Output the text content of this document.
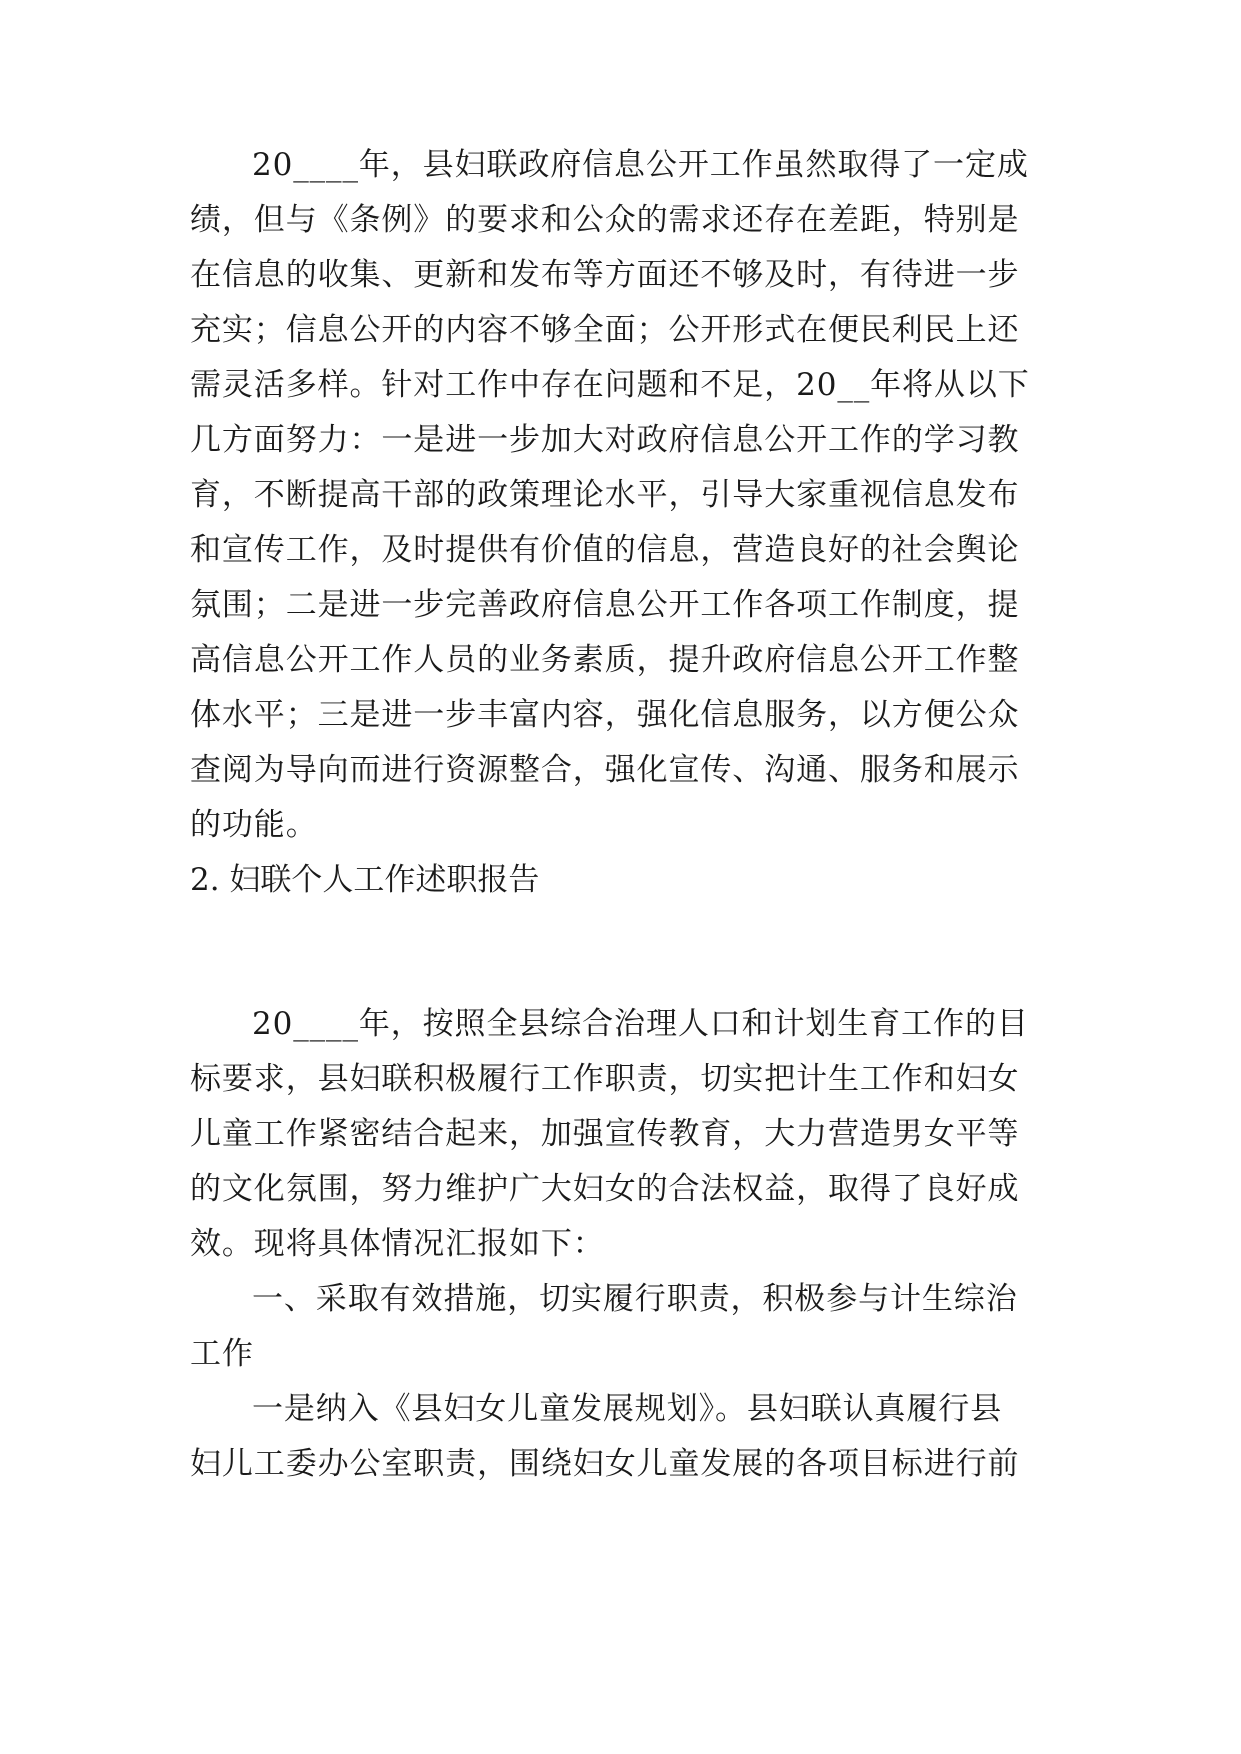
20____年，县妇联政府信息公开工作虽然取得了一定成
绩，但与《条例》的要求和公众的需求还存在差距，特别是
在信息的收集、更新和发布等方面还不够及时，有待进一步
充实；信息公开的内容不够全面；公开形式在便民利民上还
需灵活多样。针对工作中存在问题和不足，20__年将从以下
几方面努力：一是进一步加大对政府信息公开工作的学习教
育，不断提高干部的政策理论水平，引导大家重视信息发布
和宣传工作，及时提供有价值的信息，营造良好的社会舆论
氛围；二是进一步完善政府信息公开工作各项工作制度，提
高信息公开工作人员的业务素质，提升政府信息公开工作整
体水平；三是进一步丰富内容，强化信息服务，以方便公众
查阅为导向而进行资源整合，强化宣传、沟通、服务和展示
的功能。
2. 妇联个人工作述职报告
20____年，按照全县综合治理人口和计划生育工作的目
标要求，县妇联积极履行工作职责，切实把计生工作和妇女
儿童工作紧密结合起来，加强宣传教育，大力营造男女平等
的文化氛围，努力维护广大妇女的合法权益，取得了良好成
效。现将具体情况汇报如下：
一、采取有效措施，切实履行职责，积极参与计生综治
工作
一是纳入《县妇女儿童发展规划》。县妇联认真履行县
妇儿工委办公室职责，围绕妇女儿童发展的各项目标进行前
